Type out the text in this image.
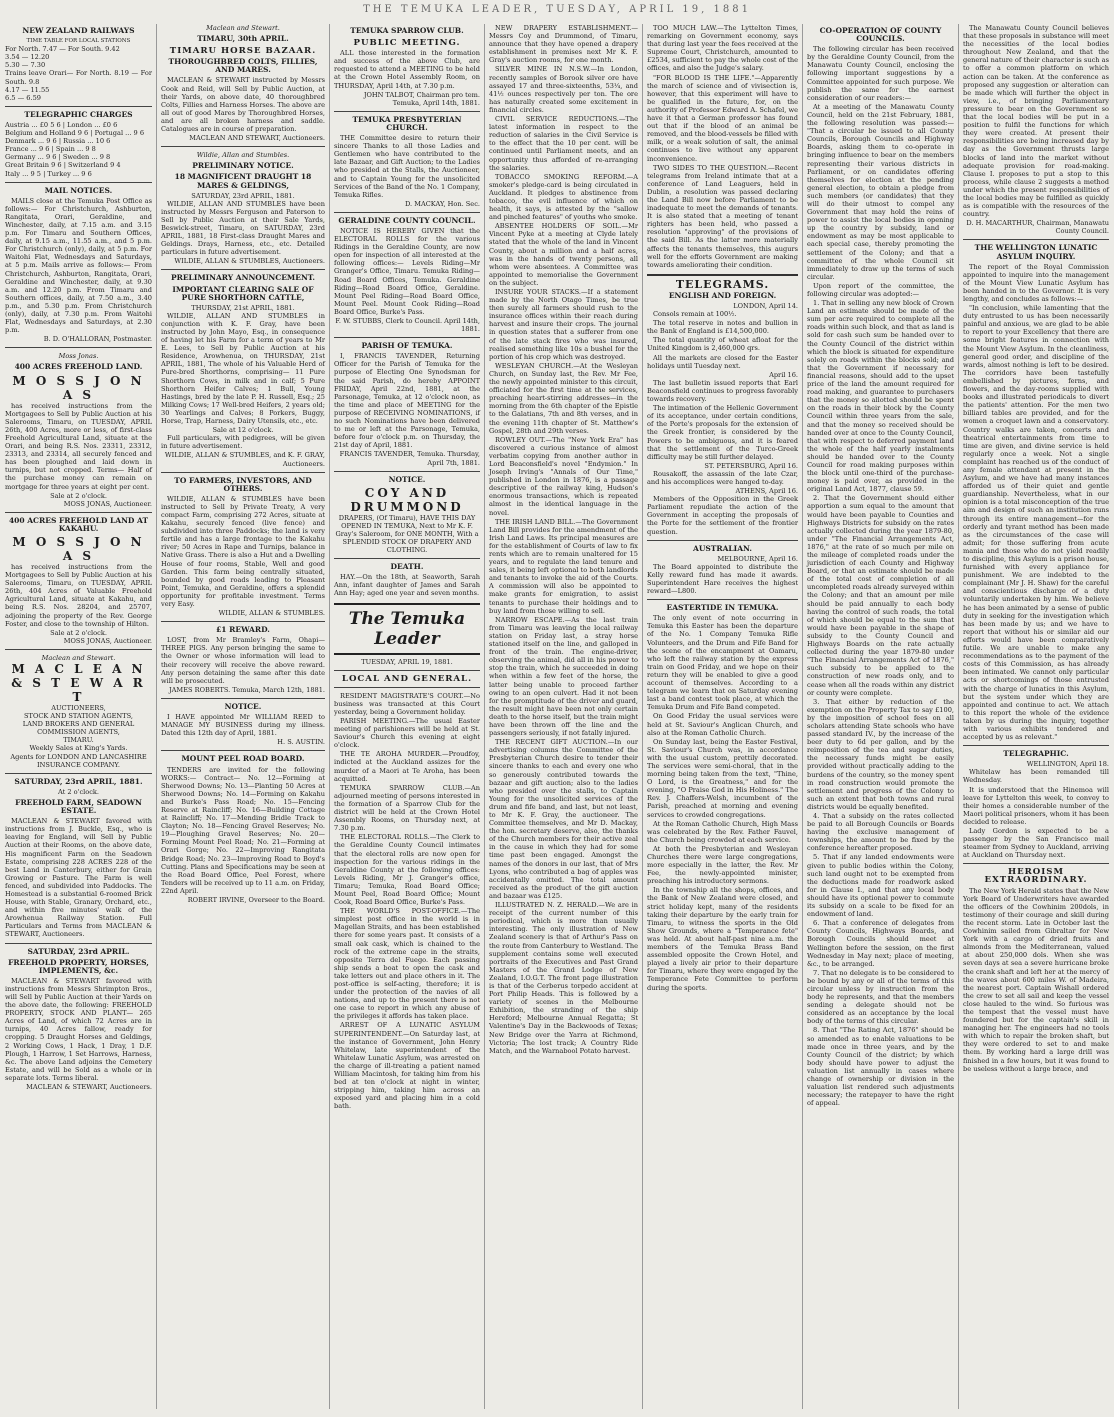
THE TEMUKA LEADER, TUESDAY, APRIL 19, 1881
NEW ZEALAND RAILWAYS
TIME TABLE FOR LOCAL STATIONS
For North. 7.47 — For South. 9.42
3.54 — 12.20
5.30 — 7.30
Trains leave Orari— For North. 8.19 — For South. 9.8
4.17 — 11.55
6.5 — 6.59
TELEGRAPHIC CHARGES
Austria ... £0 5 6 | London ... £0 6
Belgium and Holland 9 6 | Portugal ... 9 6
Denmark ... 9 6 | Russia ... 10 6
France ... 9 6 | Spain ... 9 8
Germany ... 9 6 | Sweden ... 9 8
Great Britain 9 6 | Switzerland 9 4
Italy ... 9 5 | Turkey ... 9 6
MAIL NOTICES.

MAILS close at the Temuka Post Office as follows:— For Christchurch, Ashburton, Rangitata, Orari, Geraldine, and Winchester, daily, at 7.15 a.m. and 3.15 p.m. For Timaru and Southern Offices, daily, at 9.15 a.m., 11.55 a.m., and 5 p.m. For Christchurch (only), daily, at 5 p.m. For Waitohi Flat, Wednesdays and Saturdays, at 5 p.m. Mails arrive as follows:— From Christchurch, Ashburton, Rangitata, Orari, Geraldine and Winchester, daily, at 9.30 a.m. and 12.20 p.m. From Timaru and Southern offices, daily, at 7.50 a.m., 3.40 p.m., and 5.30 p.m. From Christchurch (only), daily, at 7.30 p.m. From Waitohi Flat, Wednesdays and Saturdays, at 2.30 p.m.

B. D. O'HALLORAN, Postmaster.
Moss Jonas.
400 ACRES FREEHOLD LAND.
M O S S J O N A S

has received instructions from the Mortgagees to Sell by Public Auction at his Salerooms, Timaru, on TUESDAY, APRIL 26th, 400 Acres, more or less, of first-class Freehold Agricultural Land, situate at the Orari, and being R.S. Nos. 23311, 23312, 23313, and 23314, all securely fenced and has been ploughed and laid down in turnips, but not cropped. Terms— Half of the purchase money can remain on mortgage for three years at eight per cent.

Sale at 2 o'clock.
MOSS JONAS, Auctioneer.
400 ACRES FREEHOLD LAND AT KAKAHU.
M O S S J O N A S

has received instructions from the Mortgagees to Sell by Public Auction at his Salerooms, Timaru, on TUESDAY, APRIL 26th, 404 Acres of Valuable Freehold Agricultural Land, situate at Kakahu, and being R.S. Nos. 28204, and 25707, adjoining the property of the Rev. George Foster, and close to the township of Hilton.

Sale at 2 o'clock.
MOSS JONAS, Auctioneer.
Maclean and Stewart.
M A C L E A N & S T E W A R T
AUCTIONEERS,
STOCK AND STATION AGENTS,
LAND BROKERS AND GENERAL
COMMISSION AGENTS,
TIMARU.
Weekly Sales at King's Yards.
Agents for LONDON AND LANCASHIRE INSURANCE COMPANY.
SATURDAY, 23rd APRIL, 1881.
At 2 o'clock.
FREEHOLD FARM, SEADOWN ESTATE.

MACLEAN & STEWART favored with instructions from J. Buckle, Esq., who is leaving for England, will Sell by Public Auction at their Rooms, on the above date, His magnificent Farm on the Seadown Estate, comprising 228 ACRES 228 of the best Land in Canterbury, either for Grain Growing or Pasture. The Farm is well fenced, and subdivided into Paddocks. The Homestead is a substantial 6-roomed Brick House, with Stable, Granary, Orchard, etc., and within five minutes' walk of the Arowhenua Railway Station. Full Particulars and Terms from MACLEAN & STEWART, Auctioneers.

SATURDAY, 23rd APRIL.
FREEHOLD PROPERTY, HORSES, IMPLEMENTS, &c.

MACLEAN & STEWART favored with instructions from Messrs Shrimpton Bros., will Sell by Public Auction at their Yards on the above date, the following: FREEHOLD PROPERTY, STOCK AND PLANT— 265 Acres of Land, of which 72 Acres are in turnips, 40 Acres fallow, ready for cropping. 5 Draught Horses and Geldings, 2 Working Cows, 1 Hack, 1 Dray, 1 D.F. Plough, 1 Harrow, 1 Set Harrows, Harness, &c. The above Land adjoins the Cemetery Estate, and will be Sold as a whole or in separate lots. Terms liberal.

MACLEAN & STEWART, Auctioneers.
Maclean and Stewart.
TIMARU, 30th APRIL.
TIMARU HORSE BAZAAR.
THOROUGHBRED COLTS, FILLIES, AND MARES.

MACLEAN & STEWART instructed by Messrs Cook and Reid, will Sell by Public Auction, at their Yards, on above date, 40 thoroughbred Colts, Fillies and Harness Horses. The above are all out of good Mares by Thoroughbred Horses, and are all broken harness and saddle. Catalogues are in course of preparation.

MACLEAN AND STEWART, Auctioneers.
Wildie, Allan and Stumbles.
PRELIMINARY NOTICE.
18 MAGNIFICENT DRAUGHT 18 MARES & GELDINGS,
SATURDAY, 23rd APRIL, 1881.

WILDIE, ALLAN AND STUMBLES have been instructed by Messrs Ferguson and Paterson to Sell by Public Auction at their Sale Yards, Beswick-street, Timaru, on SATURDAY, 23rd APRIL, 1881, 18 First-class Draught Mares and Geldings. Drays, Harness, etc., etc. Detailed particulars in future advertisement.

WILDIE, ALLAN & STUMBLES, Auctioneers.
PRELIMINARY ANNOUNCEMENT.
IMPORTANT CLEARING SALE OF PURE SHORTHORN CATTLE,
THURSDAY, 21st APRIL, 1881.

WILDIE, ALLAN AND STUMBLES in conjunction with K. F. Gray, have been instructed by John Mayo, Esq., in consequence of having let his Farm for a term of years to Mr E. Lees, to Sell by Public Auction at his Residence, Arowhenua, on THURSDAY, 21st APRIL, 1881, The whole of his Valuable Herd of Pure-bred Shorthorns, comprising— 11 Pure Shorthorn Cows, in milk and in calf; 5 Pure Shorthorn Heifer Calves; 1 Bull, Young Hastings, bred by the late P. H. Russell, Esq.; 25 Milking Cows; 17 Well-bred Heifers, 2 years old; 30 Yearlings and Calves; 8 Porkers, Buggy, Horse, Trap, Harness, Dairy Utensils, etc., etc.

Sale at 12 o'clock.

Full particulars, with pedigrees, will be given in future advertisement.

WILDIE, ALLAN & STUMBLES, and K. F. GRAY, Auctioneers.
TO FARMERS, INVESTORS, AND OTHERS.

WILDIE, ALLAN & STUMBLES have been instructed to Sell by Private Treaty, A very compact Farm, comprising 272 Acres, situate at Kakahu, securely fenced (live fence) and subdivided into three Paddocks; the land is very fertile and has a large frontage to the Kakahu river; 50 Acres in Rape and Turnips, balance in Native Grass. There is also a Hut and a Dwelling House of four rooms, Stable, Well and good Garden. This farm being centrally situated, bounded by good roads leading to Pleasant Point, Temuka, and Geraldine, offers a splendid opportunity for profitable investment. Terms very Easy.

WILDIE, ALLAN & STUMBLES.
£1 REWARD.

LOST, from Mr Bramley's Farm, Ohapi— THREE PIGS. Any person bringing the same to the Owner or whose information will lead to their recovery will receive the above reward. Any person detaining the same after this date will be prosecuted.

JAMES ROBERTS. Temuka, March 12th, 1881.
NOTICE.

I HAVE appointed Mr WILLIAM REED to MANAGE MY BUSINESS during my illness. Dated this 12th day of April, 1881.

H. S. AUSTIN.
MOUNT PEEL ROAD BOARD.

TENDERS are invited for the following WORKS:— Contract— No. 12—Forming at Sherwood Downs; No. 13—Planting 50 Acres at Sherwood Downs; No. 14—Forming on Kakahu and Burke's Pass Road; No. 15—Fencing Reserve at Raincliff; No. 16—Building Cottage at Raincliff; No. 17—Mending Bridle Track to Clayton; No. 18—Fencing Gravel Reserves; No. 19—Ploughing Gravel Reserves; No. 20—Forming Mount Peel Road; No. 21—Forming at Orari Gorge; No. 22—Improving Rangitata Bridge Road; No. 23—Improving Road to Boyd's Cutting. Plans and Specifications may be seen at the Road Board Office, Peel Forest, where Tenders will be received up to 11 a.m. on Friday, 22nd April.

ROBERT IRVINE, Overseer to the Board.
TEMUKA SPARROW CLUB.
PUBLIC MEETING.

ALL those interested in the formation and success of the above Club, are requested to attend a MEETING to be held at the Crown Hotel Assembly Room, on THURSDAY, April 14th, at 7.30 p.m.

JOHN TALBOT, Chairman pro tem. Temuka, April 14th, 1881.
TEMUKA PRESBYTERIAN CHURCH.

THE Committee desire to return their sincere Thanks to all those Ladies and Gentlemen who have contributed to the late Bazaar, and Gift Auction; to the Ladies who presided at the Stalls, the Auctioneer, and to Captain Young for the unsolicited Services of the Band of the No. 1 Company, Temuka Rifles.

D. MACKAY, Hon. Sec.
GERALDINE COUNTY COUNCIL.

NOTICE IS HEREBY GIVEN that the ELECTORAL ROLLS for the various Ridings in the Geraldine County, are now open for inspection of all interested at the following offices:— Levels Riding—Mr Granger's Office, Timaru. Temuka Riding—Road Board Offices, Temuka. Geraldine Riding—Road Board Office, Geraldine. Mount Peel Riding—Road Board Office, Mount Peel. Mount Cook Riding—Road Board Office, Burke's Pass.

F. W. STUBBS, Clerk to Council. April 14th, 1881.
PARISH OF TEMUKA.

I, FRANCIS TAVENDER, Returning Officer for the Parish of Temuka for the purpose of Electing One Synodsman for the said Parish, do hereby APPOINT FRIDAY, April 22nd, 1881, at the Parsonage, Temuka, at 12 o'clock noon, as the time and place of MEETING for the purpose of RECEIVING NOMINATIONS, if no such Nominations have been delivered to me or left at the Parsonage, Temuka, before four o'clock p.m. on Thursday, the 21st day of April, 1881.

FRANCIS TAVENDER, Temuka. Thursday, April 7th, 1881.
NOTICE.
COY AND DRUMMOND
DRAPERS, (Of Timaru), HAVE THIS DAY OPENED IN TEMUKA, Next to Mr K. F. Gray's Saleroom, for ONE MONTH, With a SPLENDID STOCK OF DRAPERY AND CLOTHING.
DEATH.

HAY.—On the 18th, at Seaworth, Sarah Ann, infant daughter of James and Sarah Ann Hay; aged one year and seven months.

The Temuka Leader
TUESDAY, APRIL 19, 1881.
LOCAL AND GENERAL.

RESIDENT MAGISTRATE'S COURT.—No business was transacted at this Court yesterday, being a Government holiday.

PARISH MEETING.—The usual Easter meeting of parishioners will be held at St. Saviour's Church this evening at eight o'clock.

THE TE AROHA MURDER.—Proudfoy, indicted at the Auckland assizes for the murder of a Maori at Te Aroha, has been acquitted.

TEMUKA SPARROW CLUB.—An adjourned meeting of persons interested in the formation of a Sparrow Club for the district will be held at the Crown Hotel Assembly Rooms, on Thursday next, at 7.30 p.m.

THE ELECTORAL ROLLS.—The Clerk to the Geraldine County Council intimates that the electoral rolls are now open for inspection for the various ridings in the Geraldine County at the following offices: Levels Riding, Mr J. Granger's office, Timaru; Temuka, Road Board Office; Mount Peel, Road Board Office; Mount Cook, Road Board Office, Burke's Pass.

THE WORLD'S POST-OFFICE.—The simplest post office in the world is in Magellan Straits, and has been established there for some years past. It consists of a small oak cask, which is chained to the rock of the extreme cape in the straits, opposite Terra del Fuego. Each passing ship sends a boat to open the cask and take letters out and place others in it. The post-office is self-acting, therefore; it is under the protection of the navies of all nations, and up to the present there is not one case to report in which any abuse of the privileges it affords has taken place.

ARREST OF A LUNATIC ASYLUM SUPERINTENDENT.—On Saturday last, at the instance of Government, John Henry Whitelaw, late superintendent of the Whitelaw Lunatic Asylum, was arrested on the charge of ill-treating a patient named William Macintosh, for taking him from his bed at ten o'clock at night in winter, stripping him, taking him across an exposed yard and placing him in a cold bath.

NEW DRAPERY ESTABLISHMENT.—Messrs Coy and Drummond, of Timaru, announce that they have opened a drapery establishment in premises next Mr K. F. Gray's auction rooms, for one month.

SILVER MINE IN N.S.W.—In London, recently samples of Borook silver ore have assayed 17 and three-sixteenths, 53¼, and 41½ ounces respectively per ton. The ore has naturally created some excitement in financial circles.

CIVIL SERVICE REDUCTIONS.—The latest information in respect to the reduction of salaries in the Civil Service is to the effect that the 10 per cent. will be continued until Parliament meets, and an opportunity thus afforded of re-arranging the salaries.

TOBACCO SMOKING REFORM.—A smoker's pledge-card is being circulated in Auckland. It pledges to abstinence from tobacco, the evil influence of which on health, it says, is attested by the "sallow and pinched features" of youths who smoke.

ABSENTEE HOLDERS OF SOIL.—Mr Vincent Pyke at a meeting at Clyde lately stated that the whole of the land in Vincent County, about a million and a half acres, was in the hands of twenty persons, all whom were absentees. A Committee was appointed to memorialise the Government on the subject.

INSURE YOUR STACKS.—If a statement made by the North Otago Times, be true then surely all farmers should rush to the insurance offices within their reach during harvest and insure their crops. The journal in question states that a sufferer from one of the late stack fires who was insured, realised something like 10s a bushel for the portion of his crop which was destroyed.

WESLEYAN CHURCH.—At the Wesleyan Church, on Sunday last, the Rev. Mr Fee, the newly appointed minister to this circuit, officiated for the first time at the services, preaching heart-stirring addresses—in the morning from the 6th chapter of the Epistle to the Galatians, 7th and 8th verses, and in the evening 11th chapter of St. Matthew's Gospel, 28th and 29th verses.

ROWLEY OUT.—The "New York Era" has discovered a curious instance of almost verbatim copying from another author in Lord Beaconsfield's novel "Endymion." In Joseph Irving's "Annals of Our Time," published in London in 1876, is a passage descriptive of the railway king, Hudson's enormous transactions, which is repeated almost in the identical language in the novel.

THE IRISH LAND BILL.—The Government Land Bill provides for the amendment of the Irish Land Laws. Its principal measures are for the establishment of Courts of law to fix rents which are to remain unaltered for 15 years, and to regulate the land tenure and sales, it being left optional to both landlords and tenants to invoke the aid of the Courts. A commission will also be appointed to make grants for emigration, to assist tenants to purchase their holdings and to buy land from those willing to sell.

NARROW ESCAPE.—As the last train from Timaru was leaving the local railway station on Friday last, a stray horse stationed itself on the line, and galloped in front of the train. The engine-driver, observing the animal, did all in his power to stop the train, which he succeeded in doing when within a few feet of the horse, the latter being unable to proceed farther owing to an open culvert. Had it not been for the promptitude of the driver and guard, the result might have been not only certain death to the horse itself, but the train might have been thrown off the line and the passengers seriously, if not fatally injured.

THE RECENT GIFT AUCTION.—In our advertising columns the Committee of the Presbyterian Church desire to tender their sincere thanks to each and every one who so generously contributed towards the bazaar and gift auction; also to the ladies who presided over the stalls, to Captain Young for the unsolicited services of the drum and fife band, and last, but not least, to Mr K. F. Gray, the auctioneer. The Committee themselves, and Mr D. Mackay, the hon. secretary deserve, also, the thanks of the Church members for their active zeal in the cause in which they had for some time past been engaged. Amongst the names of the donors in our last, that of Mrs Lyons, who contributed a bag of apples was accidentally omitted. The total amount received as the product of the gift auction and bazaar was £125.

ILLUSTRATED N. Z. HERALD.—We are in receipt of the current number of this periodical, which is more than usually interesting. The only illustration of New Zealand scenery is that of Arthur's Pass on the route from Canterbury to Westland. The supplement contains some well executed portraits of the Executives and Past Grand Masters of the Grand Lodge of New Zealand, I.O.G.T. The front page illustration is that of the Cerberus torpedo accident at Port Philip Heads. This is followed by a variety of scenes in the Melbourne Exhibition, the stranding of the ship Hereford; Melbourne Annual Regatta; St Valentine's Day in the Backwoods of Texas; New Bridge over the Yarra at Richmond, Victoria; The lost track; A Country Ride Match, and the Warnabool Potato harvest.

TOO MUCH LAW.—The Lyttelton Times, remarking on Government economy, says that during last year the fees received at the Supreme Court, Christchurch, amounted to £2534, sufficient to pay the whole cost of the offices, and also the Judge's salary.

"FOR BLOOD IS THE LIFE."—Apparently the march of science and of vivisection is, however, that this experiment will have to be qualified in the future, for, on the authority of Professor Edward A. Schafel, we have it that a German professor has found out that if the blood of an animal be removed, and the blood-vessels be filled with milk, or a weak solution of salt, the animal continues to live without any apparent inconvenience.

TWO SIDES TO THE QUESTION.—Recent telegrams from Ireland intimate that at a conference of Land Leaguers, held in Dublin, a resolution was passed declaring the Land Bill now before Parliament to be inadequate to meet the demands of tenants. It is also stated that a meeting of tenant righters has been held, who passed a resolution "approving" of the provisions of the said Bill. As the latter more materially affects the tenants themselves, this augurs well for the efforts Government are making towards ameliorating their condition.

TELEGRAMS.
ENGLISH AND FOREIGN.
LONDON, April 14.

Consols remain at 100½.

The total reserve in notes and bullion in the Bank of England is £14,500,000.

The total quantity of wheat afloat for the United Kingdom is 2,460,000 qrs.

All the markets are closed for the Easter holidays until Tuesday next.

April 16.

The last bulletin issued reports that Earl Beaconsfield continues to progress favorably towards recovery.

The intimation of the Hellenic Government of its acceptance, under certain conditions, of the Porte's proposals for the extension of the Greek frontier, is considered by the Powers to be ambiguous, and it is feared that the settlement of the Turco-Greek difficulty may be still further delayed.

ST. PETERSBURG, April 16.

Rousakoff, the assassin of the late Czar, and his accomplices were hanged to-day.

ATHENS, April 16.

Members of the Opposition in the Greek Parliament repudiate the action of the Government in accepting the proposals of the Porte for the settlement of the frontier question.

AUSTRALIAN.
MELBOURNE, April 16.

The Board appointed to distribute the Kelly reward fund has made it awards. Superintendent Hare receives the highest reward—L800.

EASTERTIDE IN TEMUKA.

The only event of note occurring in Temuka this Easter has been the departure of the No. 1 Company Temuka Rifle Volunteers, and the Drum and Fife Band for the scene of the encampment at Oamaru, who left the railway station by the express train on Good Friday, and we hope on their return they will be enabled to give a good account of themselves. According to a telegram we learn that on Saturday evening last a band contest took place, at which the Temuka Drum and Fife Band competed.

On Good Friday the usual services were held at St. Saviour's Anglican Church, and also at the Roman Catholic Church.

On Sunday last, being the Easter Festival, St. Saviour's Church was, in accordance with the usual custom, prettily decorated. The services were semi-choral, that in the morning being taken from the text, "Thine, O Lord, is the Greatness," and for the evening, "O Praise God in His Holiness." The Rev. J. Chaffers-Welsh, incumbent of the Parish, preached at morning and evening services to crowded congregations.

At the Roman Catholic Church, High Mass was celebrated by the Rev. Father Fauvel, the Church being crowded at each service.

At both the Presbyterian and Wesleyan Churches there were large congregations, more especially in the latter, the Rev. Mr Fee, the newly-appointed minister, preaching his introductory sermons.

In the township all the shops, offices, and the Bank of New Zealand were closed, and strict holiday kept, many of the residents taking their departure by the early train for Timaru, to witness the sports in the Old Show Grounds, where a "Temperance fete" was held. At about half-past nine a.m. the members of the Temuka Brass Band assembled opposite the Crown Hotel, and played a lively air prior to their departure for Timaru, where they were engaged by the Temperance Fete Committee to perform during the sports.

CO-OPERATION OF COUNTY COUNCILS.

The following circular has been received by the Geraldine County Council, from the Manawatu County Council, enclosing the following important suggestions by a Committee appointed for such purpose. We publish the same for the earnest consideration of our readers:—

At a meeting of the Manawatu County Council, held on the 21st February, 1881, the following resolution was passed:— "That a circular be issued to all County Councils, Borough Councils and Highway Boards, asking them to co-operate in bringing influence to bear on the members representing their various districts in Parliament, or on candidates offering themselves for election at the pending general election, to obtain a pledge from such members (or candidates) that they will do their utmost to compel any Government that may hold the reins of power to assist the local bodies in opening up the country by subsidy, land or endowment as may be most applicable to each special case, thereby promoting the settlement of the Colony; and that a committee of the whole Council sit immediately to draw up the terms of such circular.

Upon report of the committee, the following circular was adopted:—

1. That in selling any new block of Crown Land an estimate should be made of the sum per acre required to complete all the roads within such block, and that as land is sold for cash such sum be handed over to the County Council of the district within which the block is situated for expenditure solely on roads within the blocks sold; and that the Government if necessary for financial reasons, should add to the upset price of the land the amount required for road making, and guarantee to purchasers that the money so allotted should be spent on the roads in their block by the County Council within three years from the sale, and that the money so received should be handed over at once to the County Council, that with respect to deferred payment land the whole of the half yearly instalments should be handed over to the County Council for road making purposes within the block until one-third of the purchase-money is paid over, as provided in the original Land Act, 1877, clause 59.

2. That the Government should either apportion a sum equal to the amount that would have been payable to Counties and Highways Districts for subsidy on the rates actually collected during the year 1879-80, under "The Financial Arrangements Act, 1876," at the rate of so much per mile on the mileage of completed roads under the jurisdiction of each County and Highway Board, or that an estimate should be made of the total cost of completion of all uncompleted roads already surveyed within the Colony; and that an amount per mile should be paid annually to each body having the control of such roads, the total of which should be equal to the sum that would have been payable in the shape of subsidy to the County Council and Highways Boards on the rate actually collected during the year 1879-80 under "The Financial Arrangements Act of 1876," such subsidy to be applied to the construction of new roads only, and to cease when all the roads within any district or county were complete.

3. That either by reduction of the exemption on the Property Tax to say £100, by the imposition of school fees on all scholars attending State schools who have passed standard IV., by the increase of the beer duty to 6d per gallon, and by the reimposition of the tea and sugar duties, the necessary funds might be easily provided without practically adding to the burdens of the country, so the money spent in road construction would promote the settlement and progress of the Colony to such an extent that both towns and rural districts would be equally benefited.

4. That a subsidy on the rates collected be paid to all Borough Councils or Boards having the exclusive management of townships, the amount to be fixed by the conference hereafter proposed.

5. That if any landed endowments were given to public bodies within the Colony, such land ought not to be exempted from the deductions made for roadwork asked for in Clause I., and that any local body should have its optional power to commute its subsidy on a scale to be fixed for an endowment of land.

6. That a conference of delegates from County Councils, Highways Boards, and Borough Councils should meet at Wellington before the session, on the first Wednesday in May next; place of meeting, &c., to be arranged.

7. That no delegate is to be considered to be bound by any or all of the terms of this circular unless by instruction from the body he represents, and that the members sending a delegate should not be considered as an acceptance by the local body of the terms of this circular.

8. That "The Rating Act, 1876" should be so amended as to enable valuations to be made once in three years, and by the County Council of the district; by which body should have power to adjust the valuation list annually in cases where change of ownership or division in the valuation list rendered such adjustments necessary; the ratepayer to have the right of appeal.

The Manawatu County Council believes that these proposals in substance will meet the necessities of the local bodies throughout New Zealand, and that the general nature of their character is such as to offer a common platform on which action can be taken. At the conference as proposed any suggestion or alteration can be made which will further the object in view, i.e., of bringing Parliamentary pressure to bear on the Government so that the local bodies will be put in a position to fulfil the functions for which they were created. At present their responsibilities are being increased day by day as the Government thrusts large blocks of land into the market without adequate provision for road-making. Clause I. proposes to put a stop to this process, while clause 2 suggests a method under which the present responsibilities of the local bodies may be fulfilled as quickly as is compatible with the resources of the country.

D. H. MACARTHUR, Chairman, Manawatu County Council.
THE WELLINGTON LUNATIC ASYLUM INQUIRY.

The report of the Royal Commission appointed to inquire into the management of the Mount View Lunatic Asylum has been handed in to the Governor. It is very lengthy, and concludes as follows:—

"In conclusion, while lamenting that the duty entrusted to us has been necessarily painful and anxious, we are glad to be able to report to your Excellency that there are some bright features in connection with the Mount View Asylum. In the cleanliness, general good order, and discipline of the wards, almost nothing is left to be desired. The corridors have been tastefully embellished by pictures, ferns, and flowers, and the day-rooms supplied with books and illustrated periodicals to divert the patients' attention. For the men two billiard tables are provided, and for the women a croquet lawn and a conservatory. Country walks are taken, concerts and theatrical entertainments from time to time are given, and divine service is held regularly once a week. Not a single complaint has reached us of the conduct of any female attendant at present in the Asylum, and we have had many instances afforded us of their quiet and gentle guardianship. Nevertheless, what in our opinion is a total misconception of the true aim and design of such an institution runs through its entire management—for the orderly and tyrant method has been made as the circumstances of the case will admit; for those suffering from acute mania and those who do not yield readily to discipline, this Asylum is a prison house, furnished with every appliance for punishment. We are indebted to the complainant (Mr J. H. Shaw) for the careful and conscientious discharge of a duty voluntarily undertaken by him. We believe he has been animated by a sense of public duty in seeking for the investigation which has been made by us; and we have to report that without his or similar aid our efforts would have been comparatively futile. We are unable to make any recommendations as to the payment of the costs of this Commission, as has already been intimated. We cannot only particular acts or shortcomings of those entrusted with the charge of lunatics in this Asylum, but the system under which they are appointed and continue to act. We attach to this report the whole of the evidence taken by us during the inquiry, together with various exhibits tendered and accepted by us as relevant."

TELEGRAPHIC.
WELLINGTON, April 18.

Whitelaw has been remanded till Wednesday.

It is understood that the Hinemoa will leave for Lyttelton this week, to convey to their homes a considerable number of the Maori political prisoners, whom it has been decided to release.

Lady Gordon is expected to be a passenger by the San Francisco mail steamer from Sydney to Auckland, arriving at Auckland on Thursday next.

HEROISM EXTRAORDINARY.

The New York Herald states that the New York Board of Underwriters have awarded the officers of the Cowhinim 200dols, in testimony of their courage and skill during the recent storm. Late in October last the Cowhinim sailed from Gibraltar for New York with a cargo of dried fruits and almonds from the Mediterranean, valued at about 250,000 dols. When she was seven days at sea a severe hurricane broke the crank shaft and left her at the mercy of the waves about 600 miles W. of Madeira, the nearest port. Captain Wishall ordered the crew to set all sail and keep the vessel close hauled to the wind. So furious was the tempest that the vessel must have foundered but for the captain's skill in managing her. The engineers had no tools with which to repair the broken shaft, but they were ordered to set to and make them. By working hard a large drill was finished in a few hours, but it was found to be useless without a large brace, and
